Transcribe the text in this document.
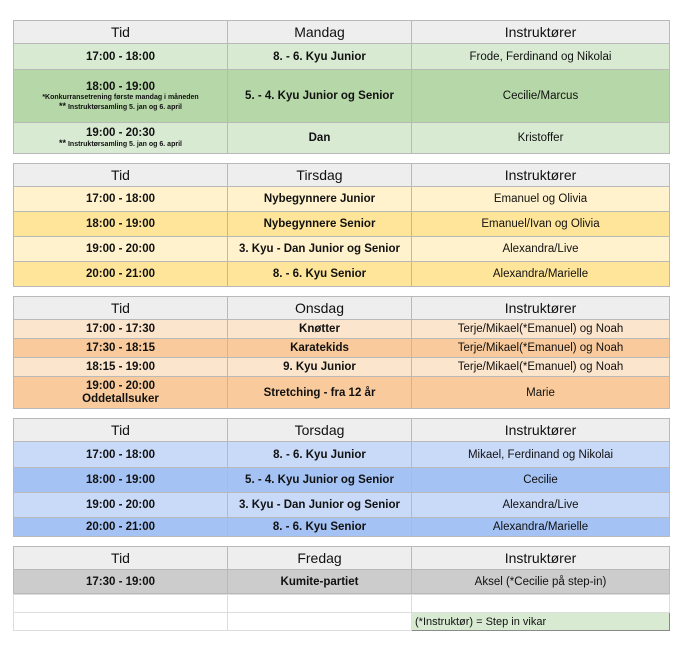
Tid	Mandag	Instruktører
17:00 - 18:00	8. - 6. Kyu Junior	Frode, Ferdinand og Nikolai
18:00 - 19:00
*Konkurransetrening første mandag i måneden
** Instruktørsamling 5. jan og 6. april	5. - 4. Kyu Junior og Senior	Cecilie/Marcus
19:00 - 20:30
** Instruktørsamling 5. jan og 6. april	Dan	Kristoffer
Tid	Tirsdag	Instruktører
17:00 - 18:00	Nybegynnere Junior	Emanuel og Olivia
18:00 - 19:00	Nybegynnere Senior	Emanuel/Ivan og Olivia
19:00 - 20:00	3. Kyu - Dan Junior og Senior	Alexandra/Live
20:00 - 21:00	8. - 6. Kyu Senior	Alexandra/Marielle
Tid	Onsdag	Instruktører
17:00 - 17:30	Knøtter	Terje/Mikael(*Emanuel) og Noah
17:30 - 18:15	Karatekids	Terje/Mikael(*Emanuel) og Noah
18:15 - 19:00	9. Kyu Junior	Terje/Mikael(*Emanuel) og Noah
19:00 - 20:00
Oddetallsuker	Stretching - fra 12 år	Marie
Tid	Torsdag	Instruktører
17:00 - 18:00	8. - 6. Kyu Junior	Mikael, Ferdinand og Nikolai
18:00 - 19:00	5. - 4. Kyu Junior og Senior	Cecilie
19:00 - 20:00	3. Kyu - Dan Junior og Senior	Alexandra/Live
20:00 - 21:00	8. - 6. Kyu Senior	Alexandra/Marielle
Tid	Fredag	Instruktører
17:30 - 19:00	Kumite-partiet	Aksel (*Cecilie på step-in)

		(*Instruktør) = Step in vikar
